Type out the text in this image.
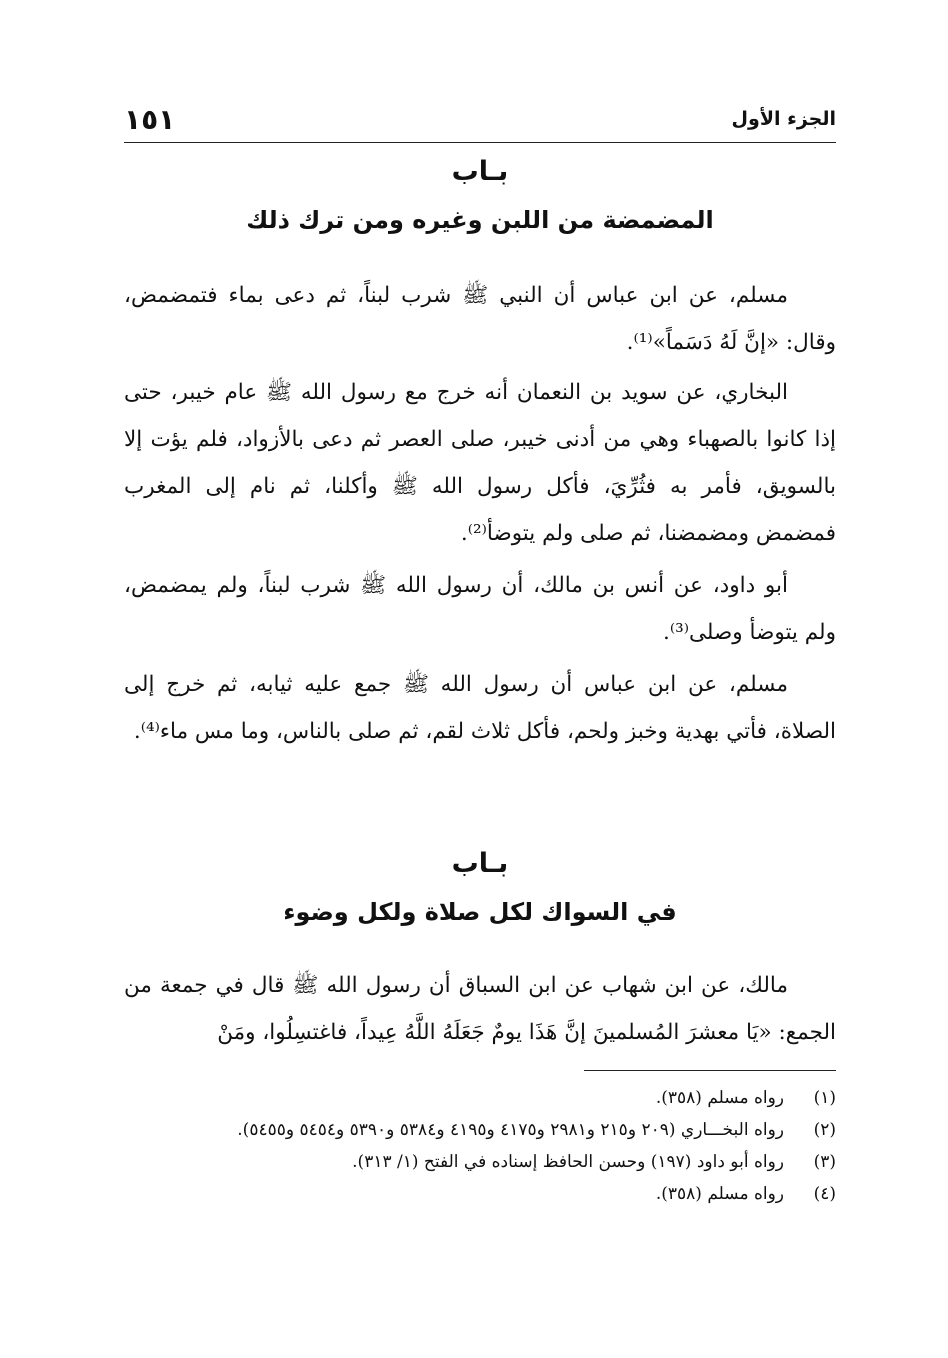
الجزء الأول
١٥١
بـاب
المضمضة من اللبن وغيره ومن ترك ذلك

مسلم، عن ابن عباس أن النبي ﷺ شرب لبناً، ثم دعى بماء فتمضمض، وقال: «إنَّ لَهُ دَسَماً»⁽¹⁾.

البخاري، عن سويد بن النعمان أنه خرج مع رسول الله ﷺ عام خيبر، حتى إذا كانوا بالصهباء وهي من أدنى خيبر، صلى العصر ثم دعى بالأزواد، فلم يؤت إلا بالسويق، فأمر به فثُرِّيَ، فأكل رسول الله ﷺ وأكلنا، ثم نام إلى المغرب فمضمض ومضمضنا، ثم صلى ولم يتوضأ⁽²⁾.

أبو داود، عن أنس بن مالك، أن رسول الله ﷺ شرب لبناً، ولم يمضمض، ولم يتوضأ وصلى⁽³⁾.

مسلم، عن ابن عباس أن رسول الله ﷺ جمع عليه ثيابه، ثم خرج إلى الصلاة، فأتي بهدية وخبز ولحم، فأكل ثلاث لقم، ثم صلى بالناس، وما مس ماء⁽⁴⁾.

بـاب
في السواك لكل صلاة ولكل وضوء

مالك، عن ابن شهاب عن ابن السباق أن رسول الله ﷺ قال في جمعة من الجمع: «يَا معشرَ المُسلمينَ إنَّ هَذَا يومٌ جَعَلَهُ اللَّهُ عِيداً، فاغتسِلُوا، ومَنْ

(١)
رواه مسلم (٣٥٨).
(٢)
رواه البخـــاري (٢٠٩ و٢١٥ و٢٩٨١ و٤١٧٥ و٤١٩٥ و٥٣٨٤ و٥٣٩٠ و٥٤٥٤ و٥٤٥٥).
(٣)
رواه أبو داود (١٩٧) وحسن الحافظ إسناده في الفتح (١/ ٣١٣).
(٤)
رواه مسلم (٣٥٨).
